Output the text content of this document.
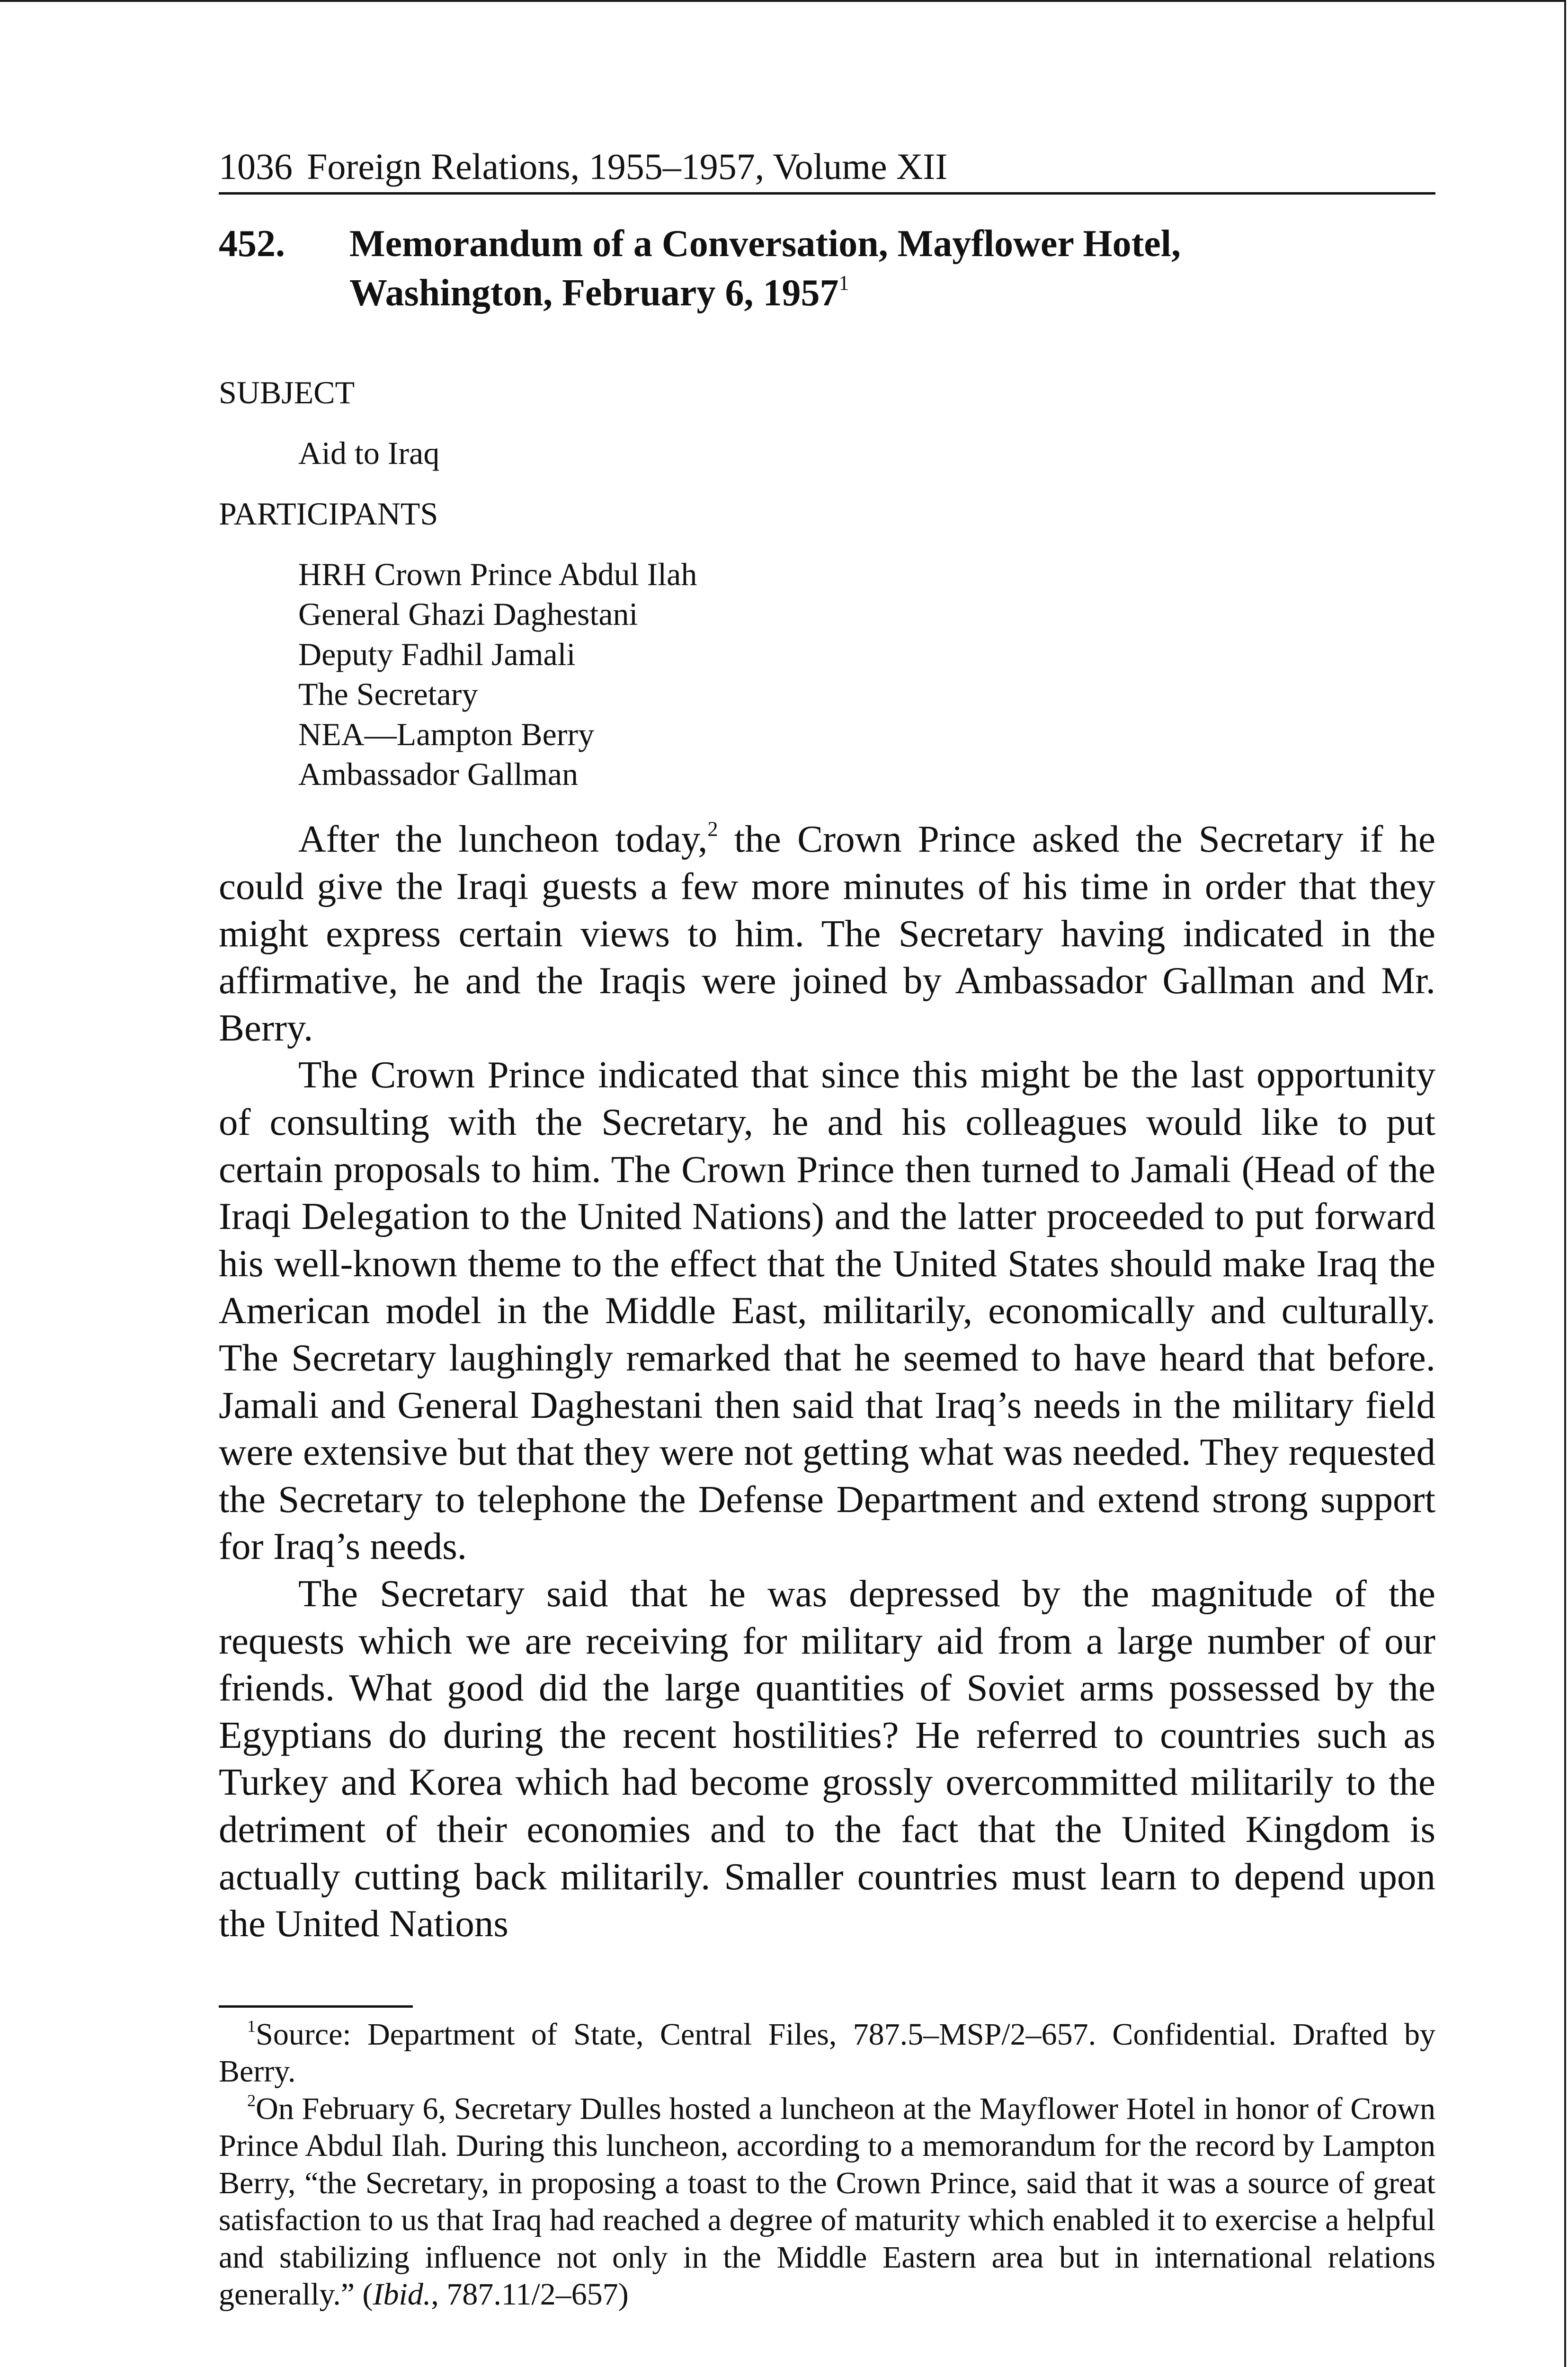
1036 Foreign Relations, 1955–1957, Volume XII
452.	Memorandum of a Conversation, Mayflower Hotel,
Washington, February 6, 1957$^1$
SUBJECT
Aid to Iraq
PARTICIPANTS
HRH Crown Prince Abdul Ilah
General Ghazi Daghestani
Deputy Fadhil Jamali
The Secretary
NEA—Lampton Berry
Ambassador Gallman

After the luncheon today,$^2$ the Crown Prince asked the Secretary if he could give the Iraqi guests a few more minutes of his time in order that they might express certain views to him. The Secretary having indicated in the affirmative, he and the Iraqis were joined by Ambassador Gallman and Mr. Berry.

The Crown Prince indicated that since this might be the last opportunity of consulting with the Secretary, he and his colleagues would like to put certain proposals to him. The Crown Prince then turned to Jamali (Head of the Iraqi Delegation to the United Nations) and the latter proceeded to put forward his well-known theme to the effect that the United States should make Iraq the American model in the Middle East, militarily, economically and culturally. The Secretary laughingly remarked that he seemed to have heard that before. Jamali and General Daghestani then said that Iraq’s needs in the military field were extensive but that they were not getting what was needed. They requested the Secretary to telephone the Defense Department and extend strong support for Iraq’s needs.

The Secretary said that he was depressed by the magnitude of the requests which we are receiving for military aid from a large number of our friends. What good did the large quantities of Soviet arms possessed by the Egyptians do during the recent hostilities? He referred to countries such as Turkey and Korea which had become grossly overcommitted militarily to the detriment of their economies and to the fact that the United Kingdom is actually cutting back militarily. Smaller countries must learn to depend upon the United Nations

$^1$Source: Department of State, Central Files, 787.5–MSP/2–657. Confidential. Drafted by Berry.

$^2$On February 6, Secretary Dulles hosted a luncheon at the Mayflower Hotel in honor of Crown Prince Abdul Ilah. During this luncheon, according to a memorandum for the record by Lampton Berry, “the Secretary, in proposing a toast to the Crown Prince, said that it was a source of great satisfaction to us that Iraq had reached a degree of maturity which enabled it to exercise a helpful and stabilizing influence not only in the Middle Eastern area but in international relations generally.” (Ibid., 787.11/2–657)
